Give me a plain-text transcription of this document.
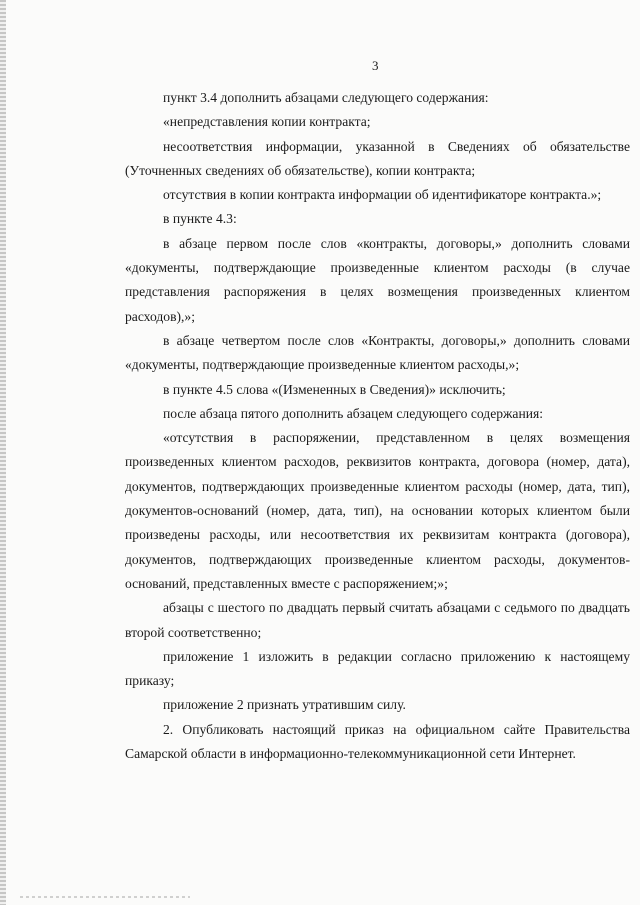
3

пункт 3.4 дополнить абзацами следующего содержания:

«непредставления копии контракта;

несоответствия информации, указанной в Сведениях об обязательстве (Уточненных сведениях об обязательстве), копии контракта;

отсутствия в копии контракта информации об идентификаторе контракта.»;

в пункте 4.3:

в абзаце первом после слов «контракты, договоры,» дополнить словами «документы, подтверждающие произведенные клиентом расходы (в случае представления распоряжения в целях возмещения произведенных клиентом расходов),»;

в абзаце четвертом после слов «Контракты, договоры,» дополнить словами «документы, подтверждающие произведенные клиентом расходы,»;

в пункте 4.5 слова «(Измененных в Сведения)» исключить;

после абзаца пятого дополнить абзацем следующего содержания:

«отсутствия в распоряжении, представленном в целях возмещения произведенных клиентом расходов, реквизитов контракта, договора (номер, дата), документов, подтверждающих произведенные клиентом расходы (номер, дата, тип), документов-оснований (номер, дата, тип), на основании которых клиентом были произведены расходы, или несоответствия их реквизитам контракта (договора), документов, подтверждающих произведенные клиентом расходы, документов-оснований, представленных вместе с распоряжением;»;

абзацы с шестого по двадцать первый считать абзацами с седьмого по двадцать второй соответственно;

приложение 1 изложить в редакции согласно приложению к настоящему приказу;

приложение 2 признать утратившим силу.

2. Опубликовать настоящий приказ на официальном сайте Правительства Самарской области в информационно-телекоммуникационной сети Интернет.
